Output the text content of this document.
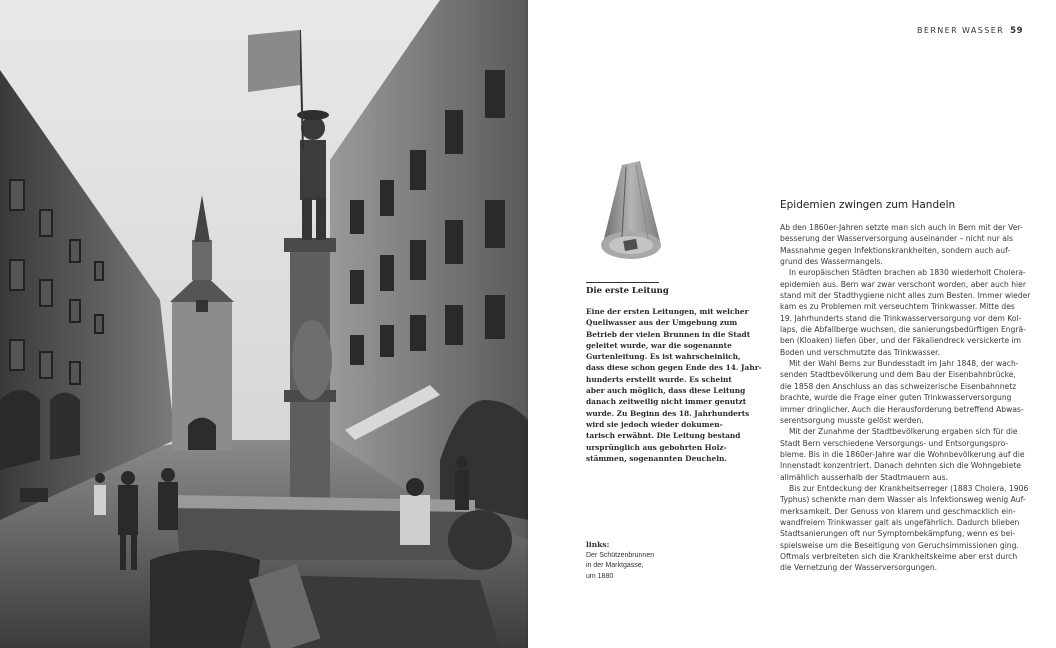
BERNER WASSER 59
Die erste Leitung
Eine der ersten Leitungen, mit welcher
Quellwasser aus der Umgebung zum
Betrieb der vielen Brunnen in die Stadt
geleitet wurde, war die sogenannte
Gurtenleitung. Es ist wahrscheinlich,
dass diese schon gegen Ende des 14. Jahr-
hunderts erstellt wurde. Es scheint
aber auch möglich, dass diese Leitung
danach zeitweilig nicht immer genutzt
wurde. Zu Beginn des 18. Jahrhunderts
wird sie jedoch wieder dokumen-
tarisch erwähnt. Die Leitung bestand
ursprünglich aus gebohrten Holz-
stämmen, sogenannten Deucheln.
links:
Der Schützenbrunnen
in der Marktgasse,
um 1880
Epidemien zwingen zum Handeln
Ab den 1860er-Jahren setzte man sich auch in Bern mit der Ver-
besserung der Wasserversorgung auseinander – nicht nur als
Massnahme gegen Infektionskrankheiten, sondern auch auf-
grund des Wassermangels.
In europäischen Städten brachen ab 1830 wiederholt Cholera-
epidemien aus. Bern war zwar verschont worden, aber auch hier
stand mit der Stadthygiene nicht alles zum Besten. Immer wieder
kam es zu Problemen mit verseuchtem Trinkwasser. Mitte des
19. Jahrhunderts stand die Trinkwasserversorgung vor dem Kol-
laps, die Abfallberge wuchsen, die sanierungsbedürftigen Engrä-
ben (Kloaken) liefen über, und der Fäkaliendreck versickerte im
Boden und verschmutzte das Trinkwasser.
Mit der Wahl Berns zur Bundesstadt im Jahr 1848, der wach-
senden Stadtbevölkerung und dem Bau der Eisenbahnbrücke,
die 1858 den Anschluss an das schweizerische Eisenbahnnetz
brachte, wurde die Frage einer guten Trinkwasserversorgung
immer dringlicher. Auch die Herausforderung betreffend Abwas-
serentsorgung musste gelöst werden.
Mit der Zunahme der Stadtbevölkerung ergaben sich für die
Stadt Bern verschiedene Versorgungs- und Entsorgungspro-
bleme. Bis in die 1860er-Jahre war die Wohnbevölkerung auf die
Innenstadt konzentriert. Danach dehnten sich die Wohngebiete
allmählich ausserhalb der Stadtmauern aus.
Bis zur Entdeckung der Krankheitserreger (1883 Cholera, 1906
Typhus) schenkte man dem Wasser als Infektionsweg wenig Auf-
merksamkeit. Der Genuss von klarem und geschmacklich ein-
wandfreiem Trinkwasser galt als ungefährlich. Dadurch blieben
Stadtsanierungen oft nur Symptombekämpfung, wenn es bei-
spielsweise um die Beseitigung von Geruchsimmissionen ging.
Oftmals verbreiteten sich die Krankheitskeime aber erst durch
die Vernetzung der Wasserversorgungen.
